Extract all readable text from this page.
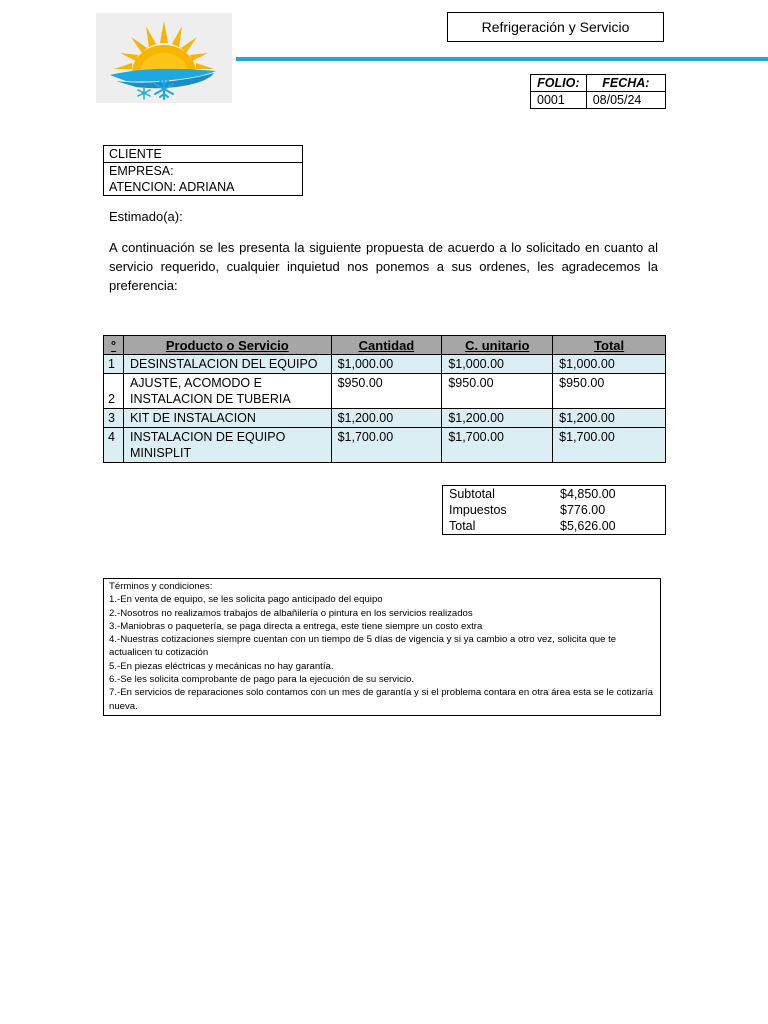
Refrigeración y Servicio
FOLIO:	FECHA:
0001	08/05/24
CLIENTE
EMPRESA:
ATENCION: ADRIANA
Estimado(a):
A continuación se les presenta la siguiente propuesta de acuerdo a lo solicitado en cuanto al servicio requerido, cualquier inquietud nos ponemos a sus ordenes, les agradecemos la preferencia:
°	Producto o Servicio	Cantidad	C. unitario	Total
1	DESINSTALACION DEL EQUIPO	$1,000.00	$1,000.00	$1,000.00
2	AJUSTE, ACOMODO E INSTALACION DE TUBERIA	$950.00	$950.00	$950.00
3	KIT DE INSTALACION	$1,200.00	$1,200.00	$1,200.00
4	INSTALACION DE EQUIPO MINISPLIT	$1,700.00	$1,700.00	$1,700.00
Subtotal	$4,850.00
Impuestos	$776.00
Total	$5,626.00
Términos y condiciones:
1.-En venta de equipo, se les solicita pago anticipado del equipo
2.-Nosotros no realizamos trabajos de albañilería o pintura en los servicios realizados
3.-Maniobras o paquetería, se paga directa a entrega, este tiene siempre un costo extra
4.-Nuestras cotizaciones siempre cuentan con un tiempo de 5 días de vigencia y si ya cambio a otro vez, solicita que te actualicen tu cotización
5.-En piezas eléctricas y mecánicas no hay garantía.
6.-Se les solicita comprobante de pago para la ejecución de su servicio.
7.-En servicios de reparaciones solo contamos con un mes de garantía y si el problema contara en otra área esta se le cotizaría nueva.
